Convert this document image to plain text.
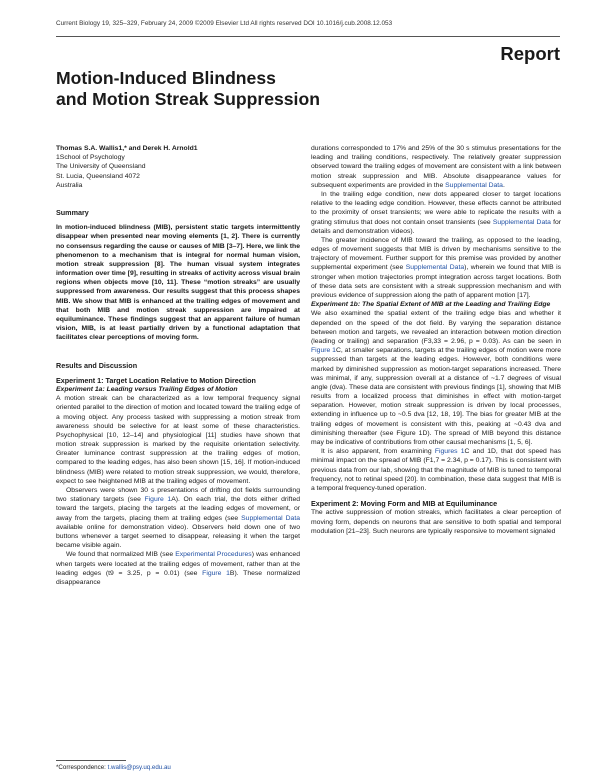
Current Biology 19, 325–329, February 24, 2009 ©2009 Elsevier Ltd All rights reserved DOI 10.1016/j.cub.2008.12.053
Report
Motion-Induced Blindness
and Motion Streak Suppression

Thomas S.A. Wallis1,* and Derek H. Arnold1

1School of Psychology

The University of Queensland

St. Lucia, Queensland 4072

Australia

Summary

In motion-induced blindness (MIB), persistent static targets intermittently disappear when presented near moving elements [1, 2]. There is currently no consensus regarding the cause or causes of MIB [3–7]. Here, we link the phenomenon to a mechanism that is integral for normal human vision, motion streak suppression [8]. The human visual system integrates information over time [9], resulting in streaks of activity across visual brain regions when objects move [10, 11]. These “motion streaks” are usually suppressed from awareness. Our results suggest that this process shapes MIB. We show that MIB is enhanced at the trailing edges of movement and that both MIB and motion streak suppression are impaired at equiluminance. These findings suggest that an apparent failure of human vision, MIB, is at least partially driven by a functional adaptation that facilitates clear perceptions of moving form.

Results and Discussion

Experiment 1: Target Location Relative to Motion Direction

Experiment 1a: Leading versus Trailing Edges of Motion

A motion streak can be characterized as a low temporal frequency signal oriented parallel to the direction of motion and located toward the trailing edge of a moving object. Any process tasked with suppressing a motion streak from awareness should be selective for at least some of these characteristics. Psychophysical [10, 12–14] and physiological [11] studies have shown that motion streak suppression is marked by the requisite orientation selectivity. Greater luminance contrast suppression at the trailing edges of motion, compared to the leading edges, has also been shown [15, 16]. If motion-induced blindness (MIB) were related to motion streak suppression, we would, therefore, expect to see heightened MIB at the trailing edges of movement.

Observers were shown 30 s presentations of drifting dot fields surrounding two stationary targets (see Figure 1A). On each trial, the dots either drifted toward the targets, placing the targets at the leading edges of movement, or away from the targets, placing them at trailing edges (see Supplemental Data available online for demonstration video). Observers held down one of two buttons whenever a target seemed to disappear, releasing it when the target became visible again.

We found that normalized MIB (see Experimental Procedures) was enhanced when targets were located at the trailing edges of movement, rather than at the leading edges (t9 = 3.25, p = 0.01) (see Figure 1B). These normalized disappearance

durations corresponded to 17% and 25% of the 30 s stimulus presentations for the leading and trailing conditions, respectively. The relatively greater suppression observed toward the trailing edges of movement are consistent with a link between motion streak suppression and MIB. Absolute disappearance values for subsequent experiments are provided in the Supplemental Data.

In the trailing edge condition, new dots appeared closer to target locations relative to the leading edge condition. However, these effects cannot be attributed to the proximity of onset transients; we were able to replicate the results with a grating stimulus that does not contain onset transients (see Supplemental Data for details and demonstration videos).

The greater incidence of MIB toward the trailing, as opposed to the leading, edges of movement suggests that MIB is driven by mechanisms sensitive to the trajectory of movement. Further support for this premise was provided by another supplemental experiment (see Supplemental Data), wherein we found that MIB is stronger when motion trajectories prompt integration across target locations. Both of these data sets are consistent with a streak suppression mechanism and with previous evidence of suppression along the path of apparent motion [17].

Experiment 1b: The Spatial Extent of MIB at the Leading and Trailing Edge

We also examined the spatial extent of the trailing edge bias and whether it depended on the speed of the dot field. By varying the separation distance between motion and targets, we revealed an interaction between motion direction (leading or trailing) and separation (F3,33 = 2.96, p = 0.03). As can be seen in Figure 1C, at smaller separations, targets at the trailing edges of motion were more suppressed than targets at the leading edges. However, both conditions were marked by diminished suppression as motion-target separations increased. There was minimal, if any, suppression overall at a distance of ~1.7 degrees of visual angle (dva). These data are consistent with previous findings [1], showing that MIB results from a localized process that diminishes in effect with motion-target separation. However, motion streak suppression is driven by local processes, extending in influence up to ~0.5 dva [12, 18, 19]. The bias for greater MIB at the trailing edges of movement is consistent with this, peaking at ~0.43 dva and diminishing thereafter (see Figure 1D). The spread of MIB beyond this distance may be indicative of contributions from other causal mechanisms [1, 5, 6].

It is also apparent, from examining Figures 1C and 1D, that dot speed has minimal impact on the spread of MIB (F1,7 = 2.34, p = 0.17). This is consistent with previous data from our lab, showing that the magnitude of MIB is tuned to temporal frequency, not to retinal speed [20]. In combination, these data suggest that MIB is a temporal frequency-tuned operation.

Experiment 2: Moving Form and MIB at Equiluminance

The active suppression of motion streaks, which facilitates a clear perception of moving form, depends on neurons that are sensitive to both spatial and temporal modulation [21–23]. Such neurons are typically responsive to movement signaled

*Correspondence: t.wallis@psy.uq.edu.au
